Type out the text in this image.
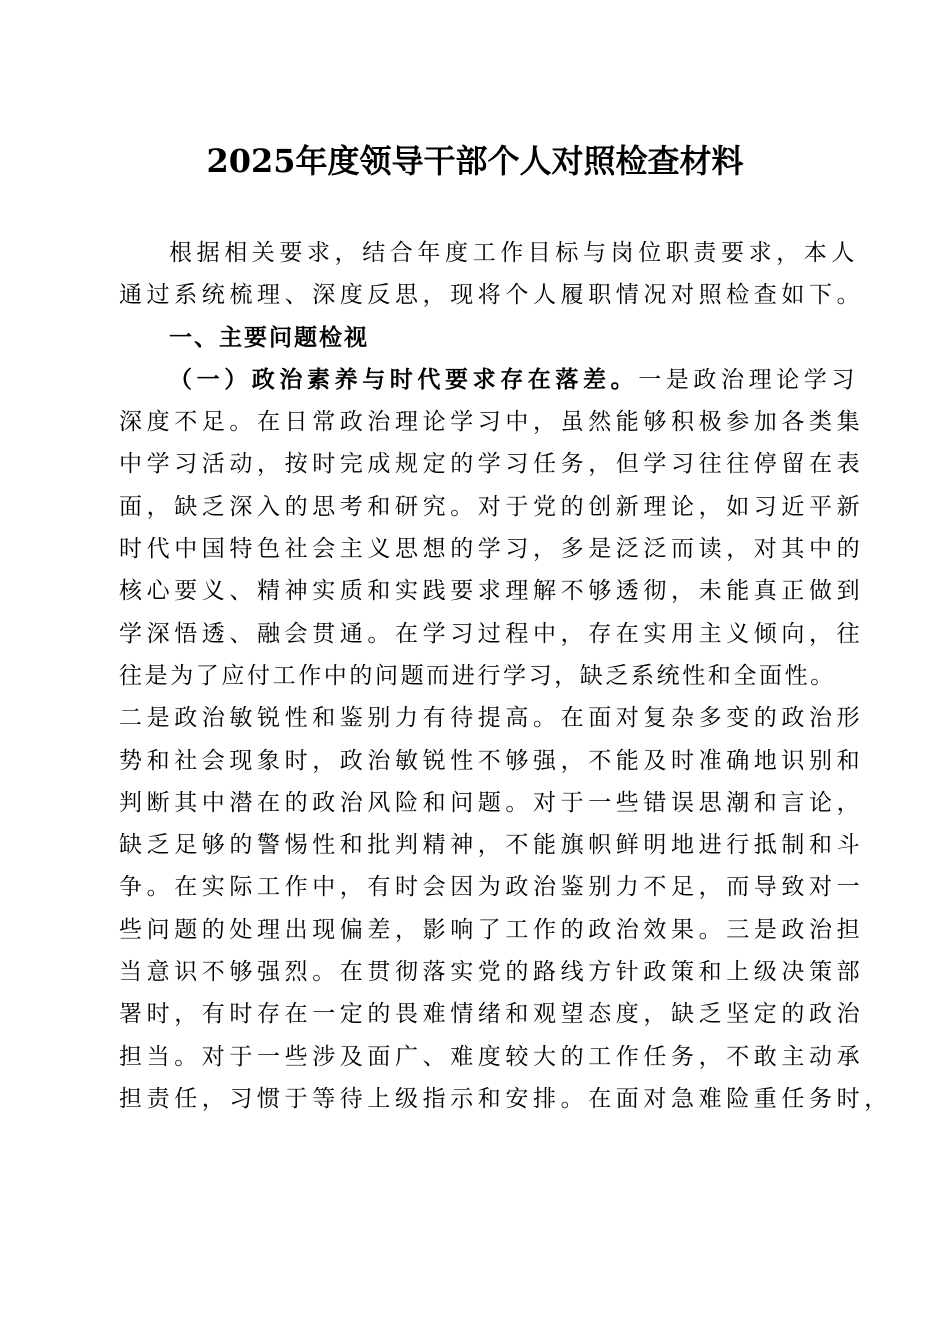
2025年度领导干部个人对照检查材料
根据相关要求，结合年度工作目标与岗位职责要求，本人
通过系统梳理、深度反思，现将个人履职情况对照检查如下。
一、主要问题检视
（一）政治素养与时代要求存在落差。一是政治理论学习
深度不足。在日常政治理论学习中，虽然能够积极参加各类集
中学习活动，按时完成规定的学习任务，但学习往往停留在表
面，缺乏深入的思考和研究。对于党的创新理论，如习近平新
时代中国特色社会主义思想的学习，多是泛泛而读，对其中的
核心要义、精神实质和实践要求理解不够透彻，未能真正做到
学深悟透、融会贯通。在学习过程中，存在实用主义倾向，往
往是为了应付工作中的问题而进行学习，缺乏系统性和全面性。
二是政治敏锐性和鉴别力有待提高。在面对复杂多变的政治形
势和社会现象时，政治敏锐性不够强，不能及时准确地识别和
判断其中潜在的政治风险和问题。对于一些错误思潮和言论，
缺乏足够的警惕性和批判精神，不能旗帜鲜明地进行抵制和斗
争。在实际工作中，有时会因为政治鉴别力不足，而导致对一
些问题的处理出现偏差，影响了工作的政治效果。三是政治担
当意识不够强烈。在贯彻落实党的路线方针政策和上级决策部
署时，有时存在一定的畏难情绪和观望态度，缺乏坚定的政治
担当。对于一些涉及面广、难度较大的工作任务，不敢主动承
担责任，习惯于等待上级指示和安排。在面对急难险重任务时，
